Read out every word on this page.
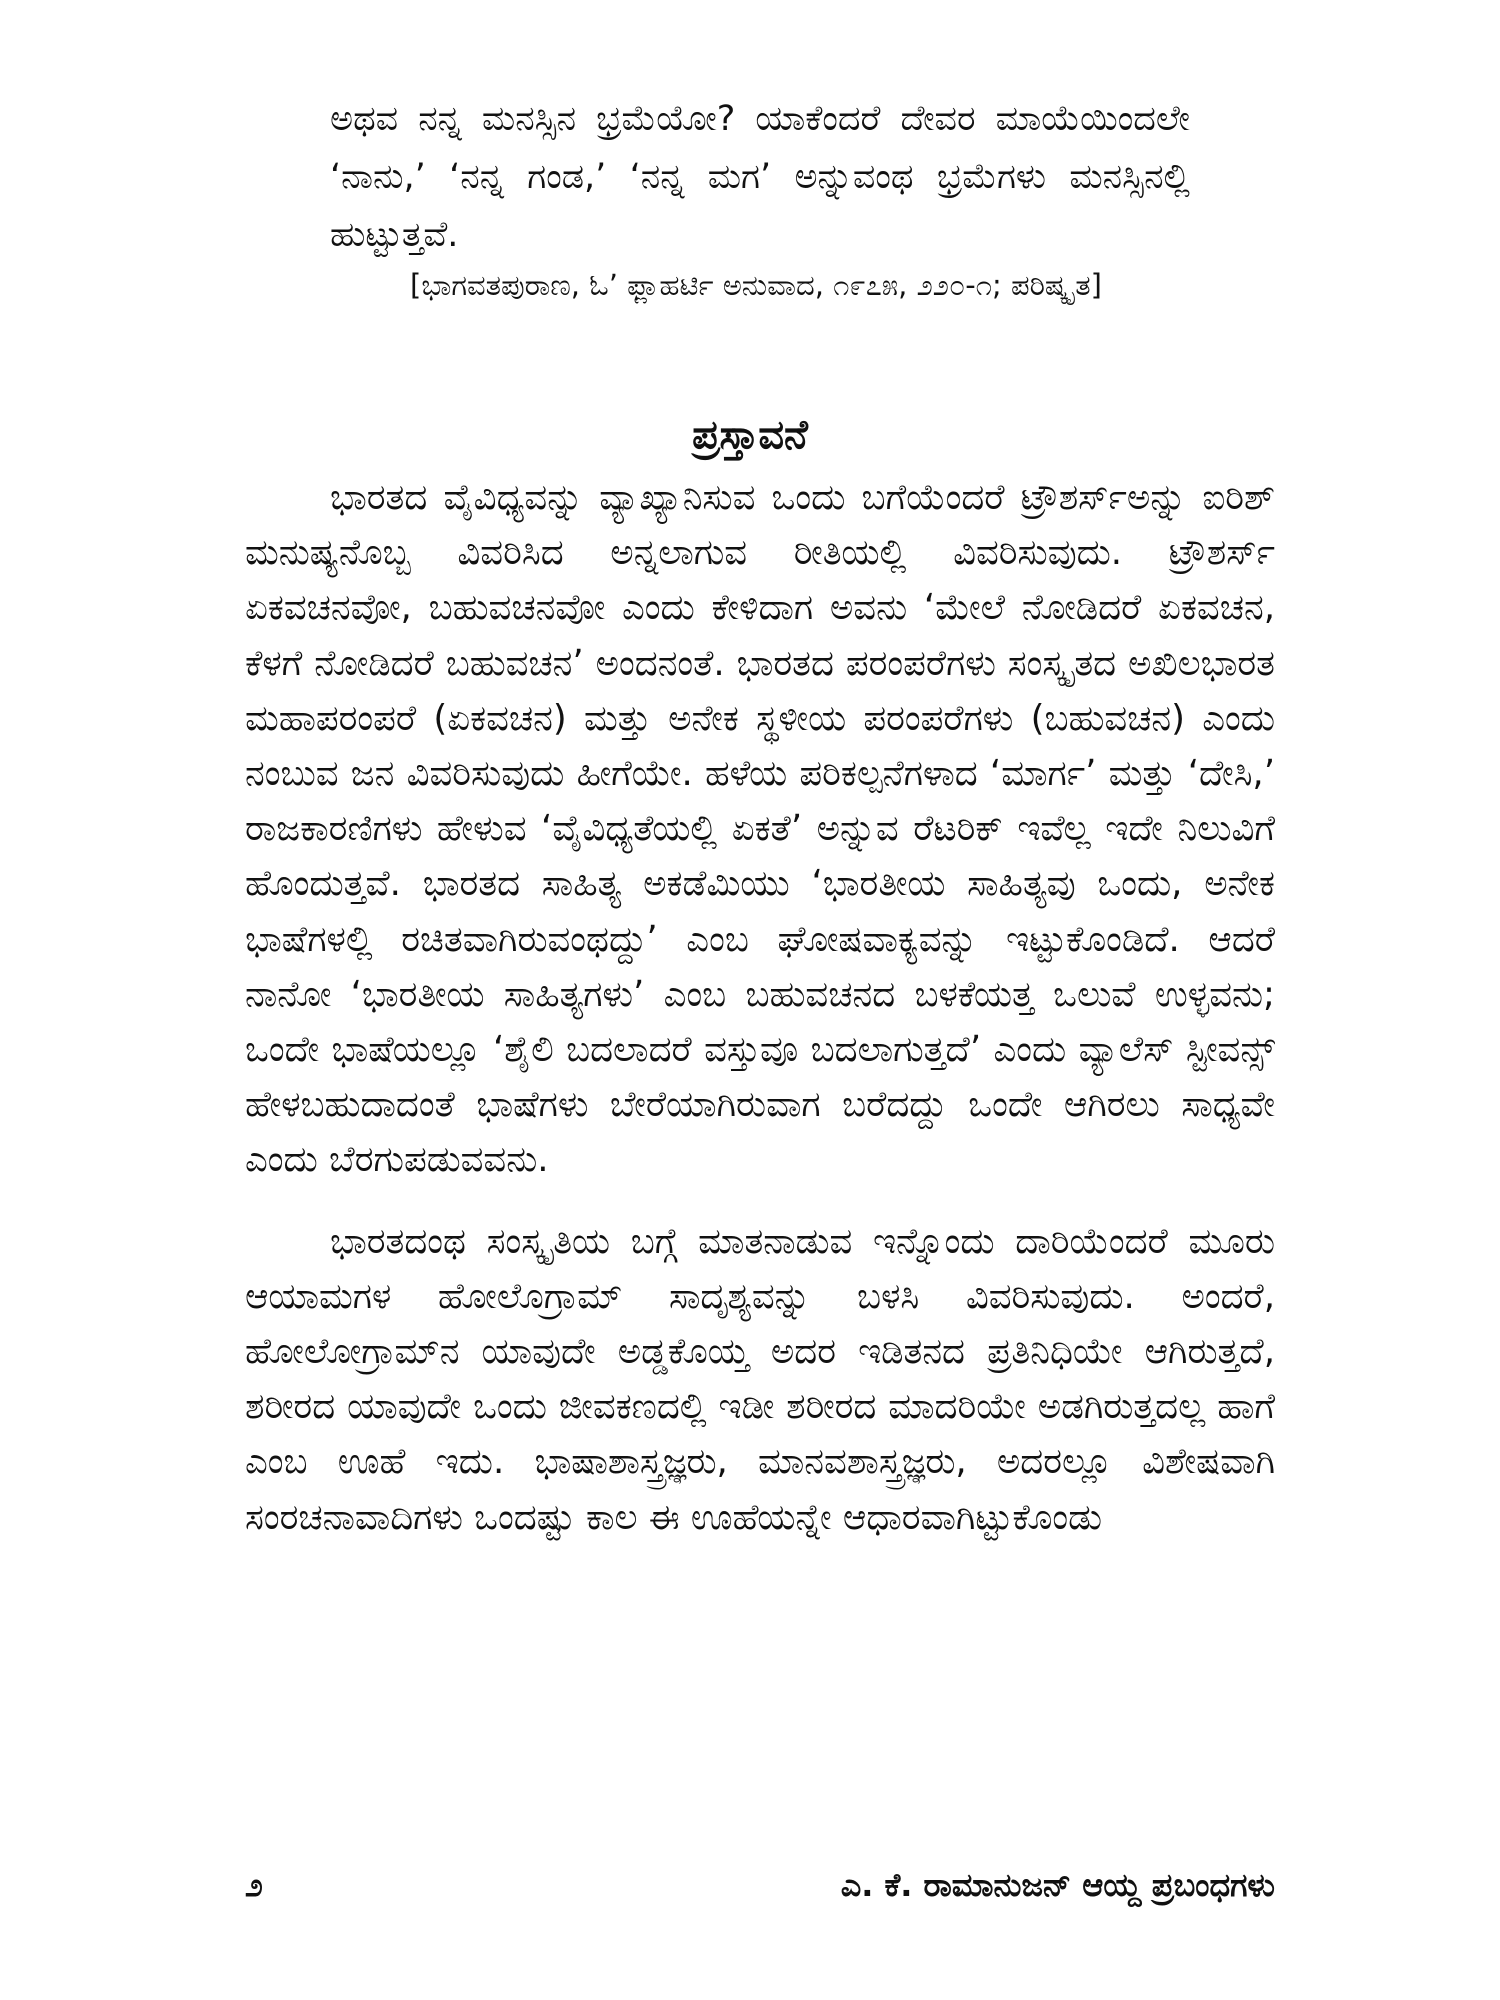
ಅಥವ ನನ್ನ ಮನಸ್ಸಿನ ಭ್ರಮೆಯೋ? ಯಾಕೆಂದರೆ ದೇವರ ಮಾಯೆಯಿಂದಲೇ ‘ನಾನು,’ ‘ನನ್ನ ಗಂಡ,’ ‘ನನ್ನ ಮಗ’ ಅನ್ನುವಂಥ ಭ್ರಮೆಗಳು ಮನಸ್ಸಿನಲ್ಲಿ ಹುಟ್ಟುತ್ತವೆ.
[ಭಾಗವತಪುರಾಣ, ಓ’ ಫ್ಲಾಹರ್ಟಿ ಅನುವಾದ, ೧೯೭೫, ೨೨೦-೧; ಪರಿಷ್ಕೃತ]
ಪ್ರಸ್ತಾವನೆ

ಭಾರತದ ವೈವಿಧ್ಯವನ್ನು ವ್ಯಾಖ್ಯಾನಿಸುವ ಒಂದು ಬಗೆಯೆಂದರೆ ಟ್ರೌಶರ್ಸ್‌ಅನ್ನು ಐರಿಶ್ ಮನುಷ್ಯನೊಬ್ಬ ವಿವರಿಸಿದ ಅನ್ನಲಾಗುವ ರೀತಿಯಲ್ಲಿ ವಿವರಿಸುವುದು. ಟ್ರೌಶರ್ಸ್ ಏಕವಚನವೋ, ಬಹುವಚನವೋ ಎಂದು ಕೇಳಿದಾಗ ಅವನು ‘ಮೇಲೆ ನೋಡಿದರೆ ಏಕವಚನ, ಕೆಳಗೆ ನೋಡಿದರೆ ಬಹುವಚನ’ ಅಂದನಂತೆ. ಭಾರತದ ಪರಂಪರೆಗಳು ಸಂಸ್ಕೃತದ ಅಖಿಲಭಾರತ ಮಹಾಪರಂಪರೆ (ಏಕವಚನ) ಮತ್ತು ಅನೇಕ ಸ್ಥಳೀಯ ಪರಂಪರೆಗಳು (ಬಹುವಚನ) ಎಂದು ನಂಬುವ ಜನ ವಿವರಿಸುವುದು ಹೀಗೆಯೇ. ಹಳೆಯ ಪರಿಕಲ್ಪನೆಗಳಾದ ‘ಮಾರ್ಗ’ ಮತ್ತು ‘ದೇಸಿ,’ ರಾಜಕಾರಣಿಗಳು ಹೇಳುವ ‘ವೈವಿಧ್ಯತೆಯಲ್ಲಿ ಏಕತೆ’ ಅನ್ನುವ ರೆಟರಿಕ್ ಇವೆಲ್ಲ ಇದೇ ನಿಲುವಿಗೆ ಹೊಂದುತ್ತವೆ. ಭಾರತದ ಸಾಹಿತ್ಯ ಅಕಡೆಮಿಯು ‘ಭಾರತೀಯ ಸಾಹಿತ್ಯವು ಒಂದು, ಅನೇಕ ಭಾಷೆಗಳಲ್ಲಿ ರಚಿತವಾಗಿರುವಂಥದ್ದು’ ಎಂಬ ಘೋಷವಾಕ್ಯವನ್ನು ಇಟ್ಟುಕೊಂಡಿದೆ. ಆದರೆ ನಾನೋ ‘ಭಾರತೀಯ ಸಾಹಿತ್ಯಗಳು’ ಎಂಬ ಬಹುವಚನದ ಬಳಕೆಯತ್ತ ಒಲುವೆ ಉಳ್ಳವನು; ಒಂದೇ ಭಾಷೆಯಲ್ಲೂ ‘ಶೈಲಿ ಬದಲಾದರೆ ವಸ್ತುವೂ ಬದಲಾಗುತ್ತದೆ’ ಎಂದು ವ್ಯಾಲೆಸ್ ಸ್ಟೀವನ್ಸ್ ಹೇಳಬಹುದಾದಂತೆ ಭಾಷೆಗಳು ಬೇರೆಯಾಗಿರುವಾಗ ಬರೆದದ್ದು ಒಂದೇ ಆಗಿರಲು ಸಾಧ್ಯವೇ ಎಂದು ಬೆರಗುಪಡುವವನು.

ಭಾರತದಂಥ ಸಂಸ್ಕೃತಿಯ ಬಗ್ಗೆ ಮಾತನಾಡುವ ಇನ್ನೊಂದು ದಾರಿಯೆಂದರೆ ಮೂರು ಆಯಾಮಗಳ ಹೋಲೊಗ್ರಾಮ್ ಸಾದೃಶ್ಯವನ್ನು ಬಳಸಿ ವಿವರಿಸುವುದು. ಅಂದರೆ, ಹೋಲೋಗ್ರಾಮ್‌ನ ಯಾವುದೇ ಅಡ್ಡಕೊಯ್ತ ಅದರ ಇಡಿತನದ ಪ್ರತಿನಿಧಿಯೇ ಆಗಿರುತ್ತದೆ, ಶರೀರದ ಯಾವುದೇ ಒಂದು ಜೀವಕಣದಲ್ಲಿ ಇಡೀ ಶರೀರದ ಮಾದರಿಯೇ ಅಡಗಿರುತ್ತದಲ್ಲ ಹಾಗೆ ಎಂಬ ಊಹೆ ಇದು. ಭಾಷಾಶಾಸ್ತ್ರಜ್ಞರು, ಮಾನವಶಾಸ್ತ್ರಜ್ಞರು, ಅದರಲ್ಲೂ ವಿಶೇಷವಾಗಿ ಸಂರಚನಾವಾದಿಗಳು ಒಂದಷ್ಟು ಕಾಲ ಈ ಊಹೆಯನ್ನೇ ಆಧಾರವಾಗಿಟ್ಟುಕೊಂಡು

೨	ಎ. ಕೆ. ರಾಮಾನುಜನ್ ಆಯ್ದ ಪ್ರಬಂಧಗಳು
